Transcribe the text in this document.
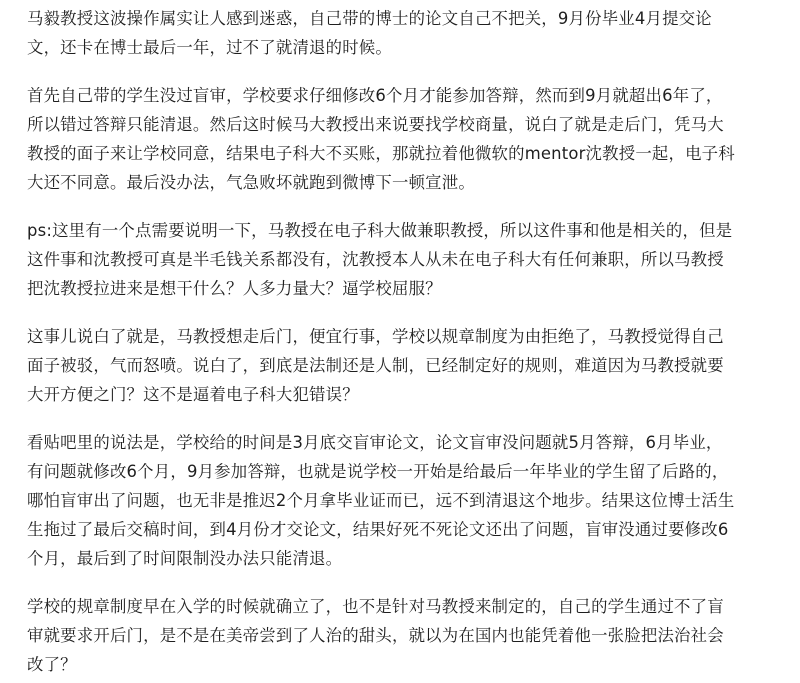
马毅教授这波操作属实让人感到迷惑，自己带的博士的论文自己不把关，9月份毕业4月提交论
文，还卡在博士最后一年，过不了就清退的时候。
首先自己带的学生没过盲审，学校要求仔细修改6个月才能参加答辩，然而到9月就超出6年了，
所以错过答辩只能清退。然后这时候马大教授出来说要找学校商量，说白了就是走后门，凭马大
教授的面子来让学校同意，结果电子科大不买账，那就拉着他微软的mentor沈教授一起，电子科
大还不同意。最后没办法，气急败坏就跑到微博下一顿宣泄。
ps:这里有一个点需要说明一下，马教授在电子科大做兼职教授，所以这件事和他是相关的，但是
这件事和沈教授可真是半毛钱关系都没有，沈教授本人从未在电子科大有任何兼职，所以马教授
把沈教授拉进来是想干什么？人多力量大？逼学校屈服？
这事儿说白了就是，马教授想走后门，便宜行事，学校以规章制度为由拒绝了，马教授觉得自己
面子被驳，气而怒喷。说白了，到底是法制还是人制，已经制定好的规则，难道因为马教授就要
大开方便之门？这不是逼着电子科大犯错误？
看贴吧里的说法是，学校给的时间是3月底交盲审论文，论文盲审没问题就5月答辩，6月毕业，
有问题就修改6个月，9月参加答辩，也就是说学校一开始是给最后一年毕业的学生留了后路的，
哪怕盲审出了问题，也无非是推迟2个月拿毕业证而已，远不到清退这个地步。结果这位博士活生
生拖过了最后交稿时间，到4月份才交论文，结果好死不死论文还出了问题，盲审没通过要修改6
个月，最后到了时间限制没办法只能清退。
学校的规章制度早在入学的时候就确立了，也不是针对马教授来制定的，自己的学生通过不了盲
审就要求开后门，是不是在美帝尝到了人治的甜头，就以为在国内也能凭着他一张脸把法治社会
改了？
